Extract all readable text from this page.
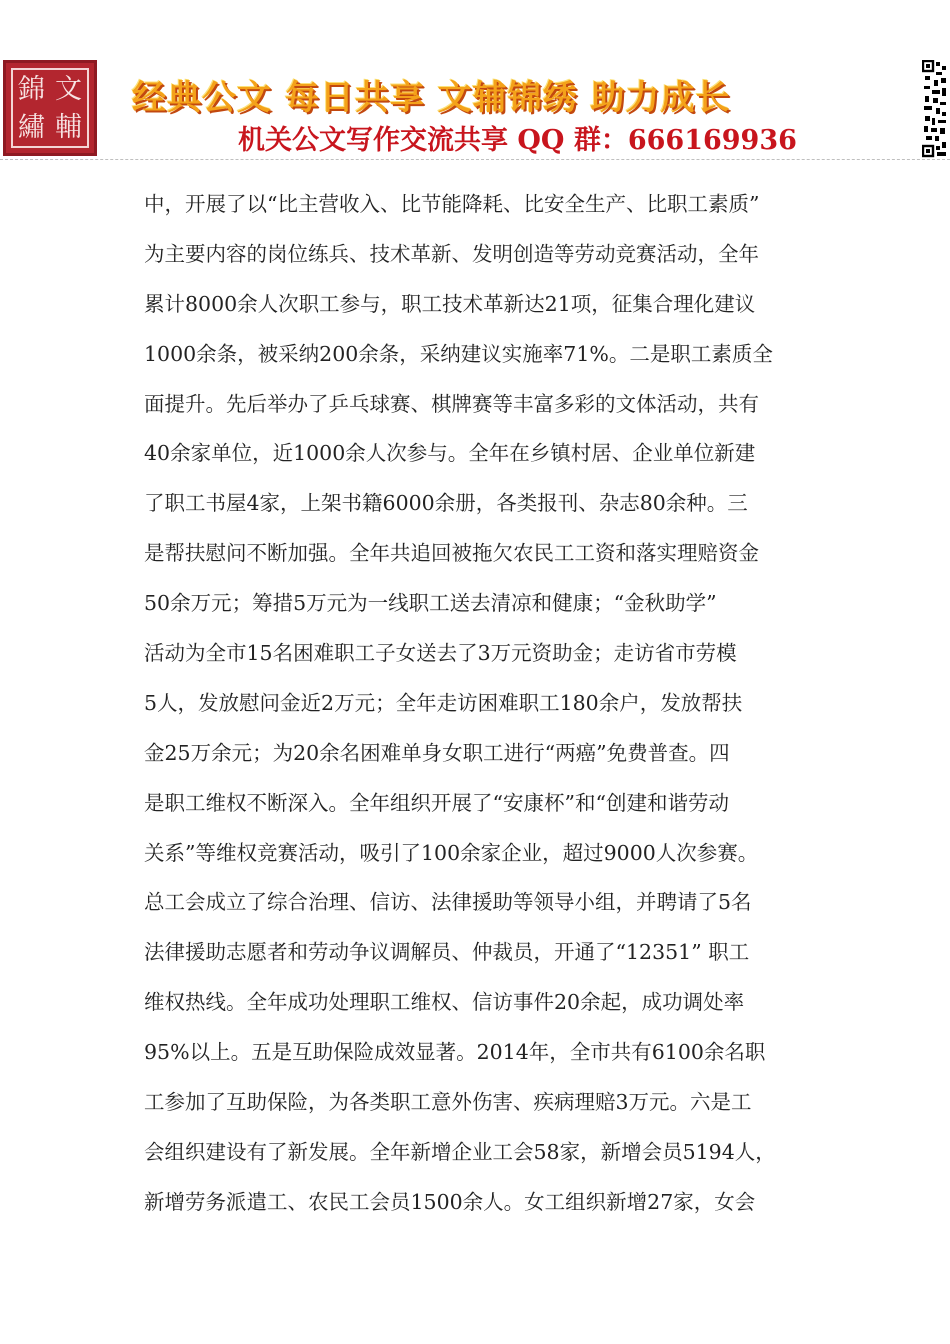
錦 文
繡 輔
经典公文 每日共享 文辅锦绣 助力成长
机关公文写作交流共享 QQ 群：666169936
中，开展了以“比主营收入、比节能降耗、比安全生产、比职工素质”
为主要内容的岗位练兵、技术革新、发明创造等劳动竞赛活动，全年
累计8000余人次职工参与，职工技术革新达21项，征集合理化建议
1000余条，被采纳200余条，采纳建议实施率71%。二是职工素质全
面提升。先后举办了乒乓球赛、棋牌赛等丰富多彩的文体活动，共有
40余家单位，近1000余人次参与。全年在乡镇村居、企业单位新建
了职工书屋4家，上架书籍6000余册，各类报刊、杂志80余种。三
是帮扶慰问不断加强。全年共追回被拖欠农民工工资和落实理赔资金
50余万元；筹措5万元为一线职工送去清凉和健康；“金秋助学”
活动为全市15名困难职工子女送去了3万元资助金；走访省市劳模
5人，发放慰问金近2万元；全年走访困难职工180余户，发放帮扶
金25万余元；为20余名困难单身女职工进行“两癌”免费普查。四
是职工维权不断深入。全年组织开展了“安康杯”和“创建和谐劳动
关系”等维权竞赛活动，吸引了100余家企业，超过9000人次参赛。
总工会成立了综合治理、信访、法律援助等领导小组，并聘请了5名
法律援助志愿者和劳动争议调解员、仲裁员，开通了“12351” 职工
维权热线。全年成功处理职工维权、信访事件20余起，成功调处率
95%以上。五是互助保险成效显著。2014年，全市共有6100余名职
工参加了互助保险，为各类职工意外伤害、疾病理赔3万元。六是工
会组织建设有了新发展。全年新增企业工会58家，新增会员5194人，
新增劳务派遣工、农民工会员1500余人。女工组织新增27家，女会
